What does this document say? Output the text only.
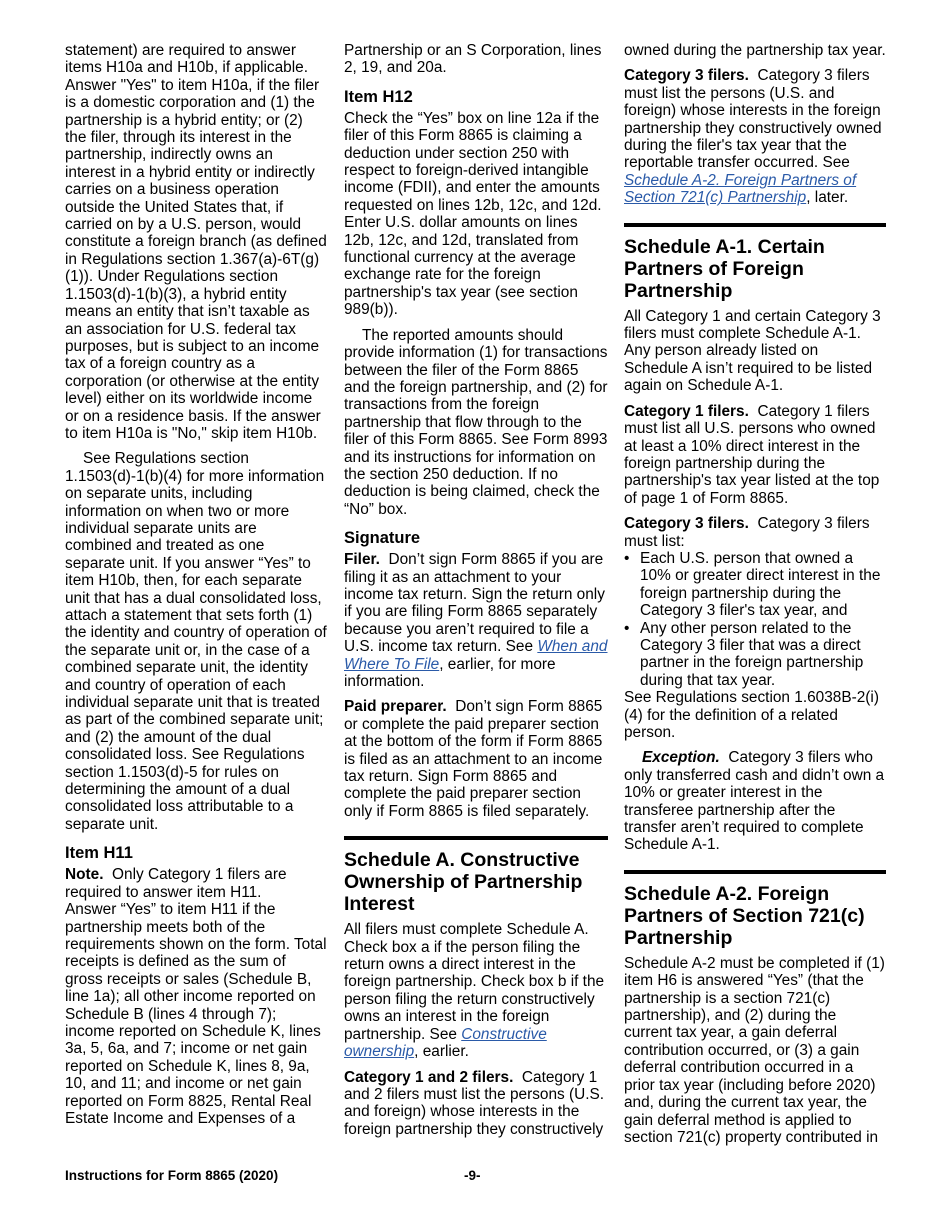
statement) are required to answer items H10a and H10b, if applicable. Answer "Yes" to item H10a, if the filer is a domestic corporation and (1) the partnership is a hybrid entity; or (2) the filer, through its interest in the partnership, indirectly owns an interest in a hybrid entity or indirectly carries on a business operation outside the United States that, if carried on by a U.S. person, would constitute a foreign branch (as defined in Regulations section 1.367(a)-6T(g)(1)). Under Regulations section 1.1503(d)-1(b)(3), a hybrid entity means an entity that isn’t taxable as an association for U.S. federal tax purposes, but is subject to an income tax of a foreign country as a corporation (or otherwise at the entity level) either on its worldwide income or on a residence basis. If the answer to item H10a is "No," skip item H10b.

See Regulations section 1.1503(d)-1(b)(4) for more information on separate units, including information on when two or more individual separate units are combined and treated as one separate unit. If you answer “Yes” to item H10b, then, for each separate unit that has a dual consolidated loss, attach a statement that sets forth (1) the identity and country of operation of the separate unit or, in the case of a combined separate unit, the identity and country of operation of each individual separate unit that is treated as part of the combined separate unit; and (2) the amount of the dual consolidated loss. See Regulations section 1.1503(d)-5 for rules on determining the amount of a dual consolidated loss attributable to a separate unit.

Item H11

Note. Only Category 1 filers are required to answer item H11.

Answer “Yes” to item H11 if the partnership meets both of the requirements shown on the form. Total receipts is defined as the sum of gross receipts or sales (Schedule B, line 1a); all other income reported on Schedule B (lines 4 through 7); income reported on Schedule K, lines 3a, 5, 6a, and 7; income or net gain reported on Schedule K, lines 8, 9a, 10, and 11; and income or net gain reported on Form 8825, Rental Real Estate Income and Expenses of a

Partnership or an S Corporation, lines 2, 19, and 20a.

Item H12

Check the “Yes” box on line 12a if the filer of this Form 8865 is claiming a deduction under section 250 with respect to foreign-derived intangible income (FDII), and enter the amounts requested on lines 12b, 12c, and 12d. Enter U.S. dollar amounts on lines 12b, 12c, and 12d, translated from functional currency at the average exchange rate for the foreign partnership's tax year (see section 989(b)).

The reported amounts should provide information (1) for transactions between the filer of the Form 8865 and the foreign partnership, and (2) for transactions from the foreign partnership that flow through to the filer of this Form 8865. See Form 8993 and its instructions for information on the section 250 deduction. If no deduction is being claimed, check the “No” box.

Signature

Filer. Don’t sign Form 8865 if you are filing it as an attachment to your income tax return. Sign the return only if you are filing Form 8865 separately because you aren’t required to file a U.S. income tax return. See When and Where To File, earlier, for more information.

Paid preparer. Don’t sign Form 8865 or complete the paid preparer section at the bottom of the form if Form 8865 is filed as an attachment to an income tax return. Sign Form 8865 and complete the paid preparer section only if Form 8865 is filed separately.

Schedule A. Constructive Ownership of Partnership Interest

All filers must complete Schedule A. Check box a if the person filing the return owns a direct interest in the foreign partnership. Check box b if the person filing the return constructively owns an interest in the foreign partnership. See Constructive ownership, earlier.

Category 1 and 2 filers. Category 1 and 2 filers must list the persons (U.S. and foreign) whose interests in the foreign partnership they constructively

owned during the partnership tax year.

Category 3 filers. Category 3 filers must list the persons (U.S. and foreign) whose interests in the foreign partnership they constructively owned during the filer's tax year that the reportable transfer occurred. See Schedule A-2. Foreign Partners of Section 721(c) Partnership, later.

Schedule A-1. Certain Partners of Foreign Partnership

All Category 1 and certain Category 3 filers must complete Schedule A-1. Any person already listed on Schedule A isn’t required to be listed again on Schedule A-1.

Category 1 filers. Category 1 filers must list all U.S. persons who owned at least a 10% direct interest in the foreign partnership during the partnership's tax year listed at the top of page 1 of Form 8865.

Category 3 filers. Category 3 filers must list:

• Each U.S. person that owned a 10% or greater direct interest in the foreign partnership during the Category 3 filer's tax year, and

• Any other person related to the Category 3 filer that was a direct partner in the foreign partnership during that tax year.

See Regulations section 1.6038B-2(i)(4) for the definition of a related person.

Exception. Category 3 filers who only transferred cash and didn’t own a 10% or greater interest in the transferee partnership after the transfer aren’t required to complete Schedule A-1.

Schedule A-2. Foreign Partners of Section 721(c) Partnership

Schedule A-2 must be completed if (1) item H6 is answered “Yes” (that the partnership is a section 721(c) partnership), and (2) during the current tax year, a gain deferral contribution occurred, or (3) a gain deferral contribution occurred in a prior tax year (including before 2020) and, during the current tax year, the gain deferral method is applied to section 721(c) property contributed in

Instructions for Form 8865 (2020)	-9-
